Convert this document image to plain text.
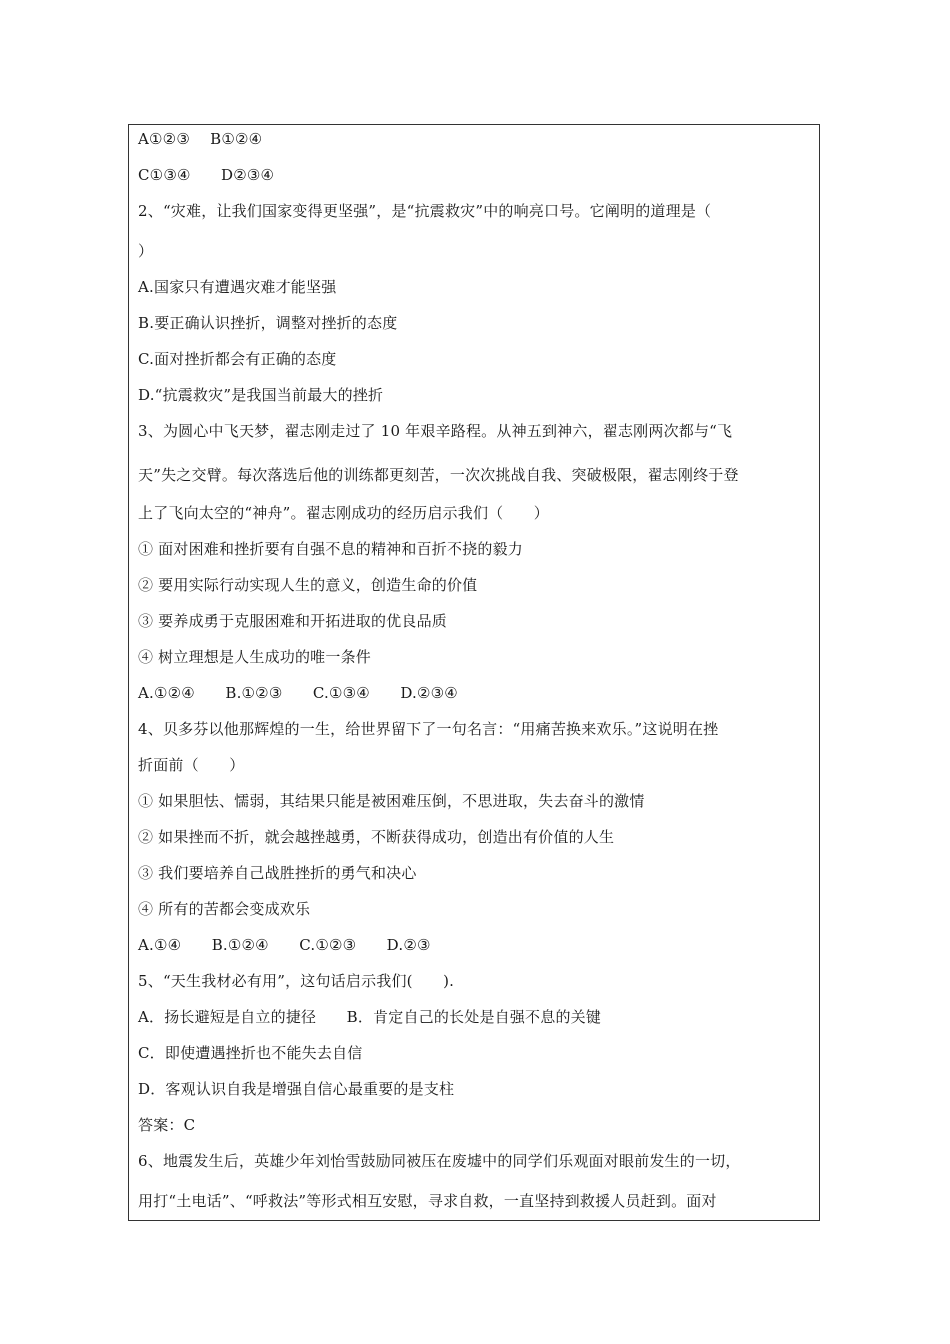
A①②③　 B①②④
C①③④　　D②③④
2、“灾难，让我们国家变得更坚强”，是“抗震救灾”中的响亮口号。它阐明的道理是（
）
A.国家只有遭遇灾难才能坚强
B.要正确认识挫折，调整对挫折的态度
C.面对挫折都会有正确的态度
D.“抗震救灾”是我国当前最大的挫折
3、为圆心中飞天梦，翟志刚走过了 10 年艰辛路程。从神五到神六，翟志刚两次都与“飞
天”失之交臂。每次落选后他的训练都更刻苦，一次次挑战自我、突破极限，翟志刚终于登
上了飞向太空的“神舟”。翟志刚成功的经历启示我们（　　）
① 面对困难和挫折要有自强不息的精神和百折不挠的毅力
② 要用实际行动实现人生的意义，创造生命的价值
③ 要养成勇于克服困难和开拓进取的优良品质
④ 树立理想是人生成功的唯一条件
A.①②④　　B.①②③　　C.①③④　　D.②③④
4、贝多芬以他那辉煌的一生，给世界留下了一句名言：“用痛苦换来欢乐。”这说明在挫
折面前（　　）
① 如果胆怯、懦弱，其结果只能是被困难压倒，不思进取，失去奋斗的激情
② 如果挫而不折，就会越挫越勇，不断获得成功，创造出有价值的人生
③ 我们要培养自己战胜挫折的勇气和决心
④ 所有的苦都会变成欢乐
A.①④　　B.①②④　　C.①②③　　D.②③
5、“天生我材必有用”，这句话启示我们(　　).
A．扬长避短是自立的捷径　　B．肯定自己的长处是自强不息的关键
C．即使遭遇挫折也不能失去自信
D．客观认识自我是增强自信心最重要的是支柱
答案：C
6、地震发生后，英雄少年刘怡雪鼓励同被压在废墟中的同学们乐观面对眼前发生的一切，
用打“土电话”、“呼救法”等形式相互安慰，寻求自救，一直坚持到救援人员赶到。面对
